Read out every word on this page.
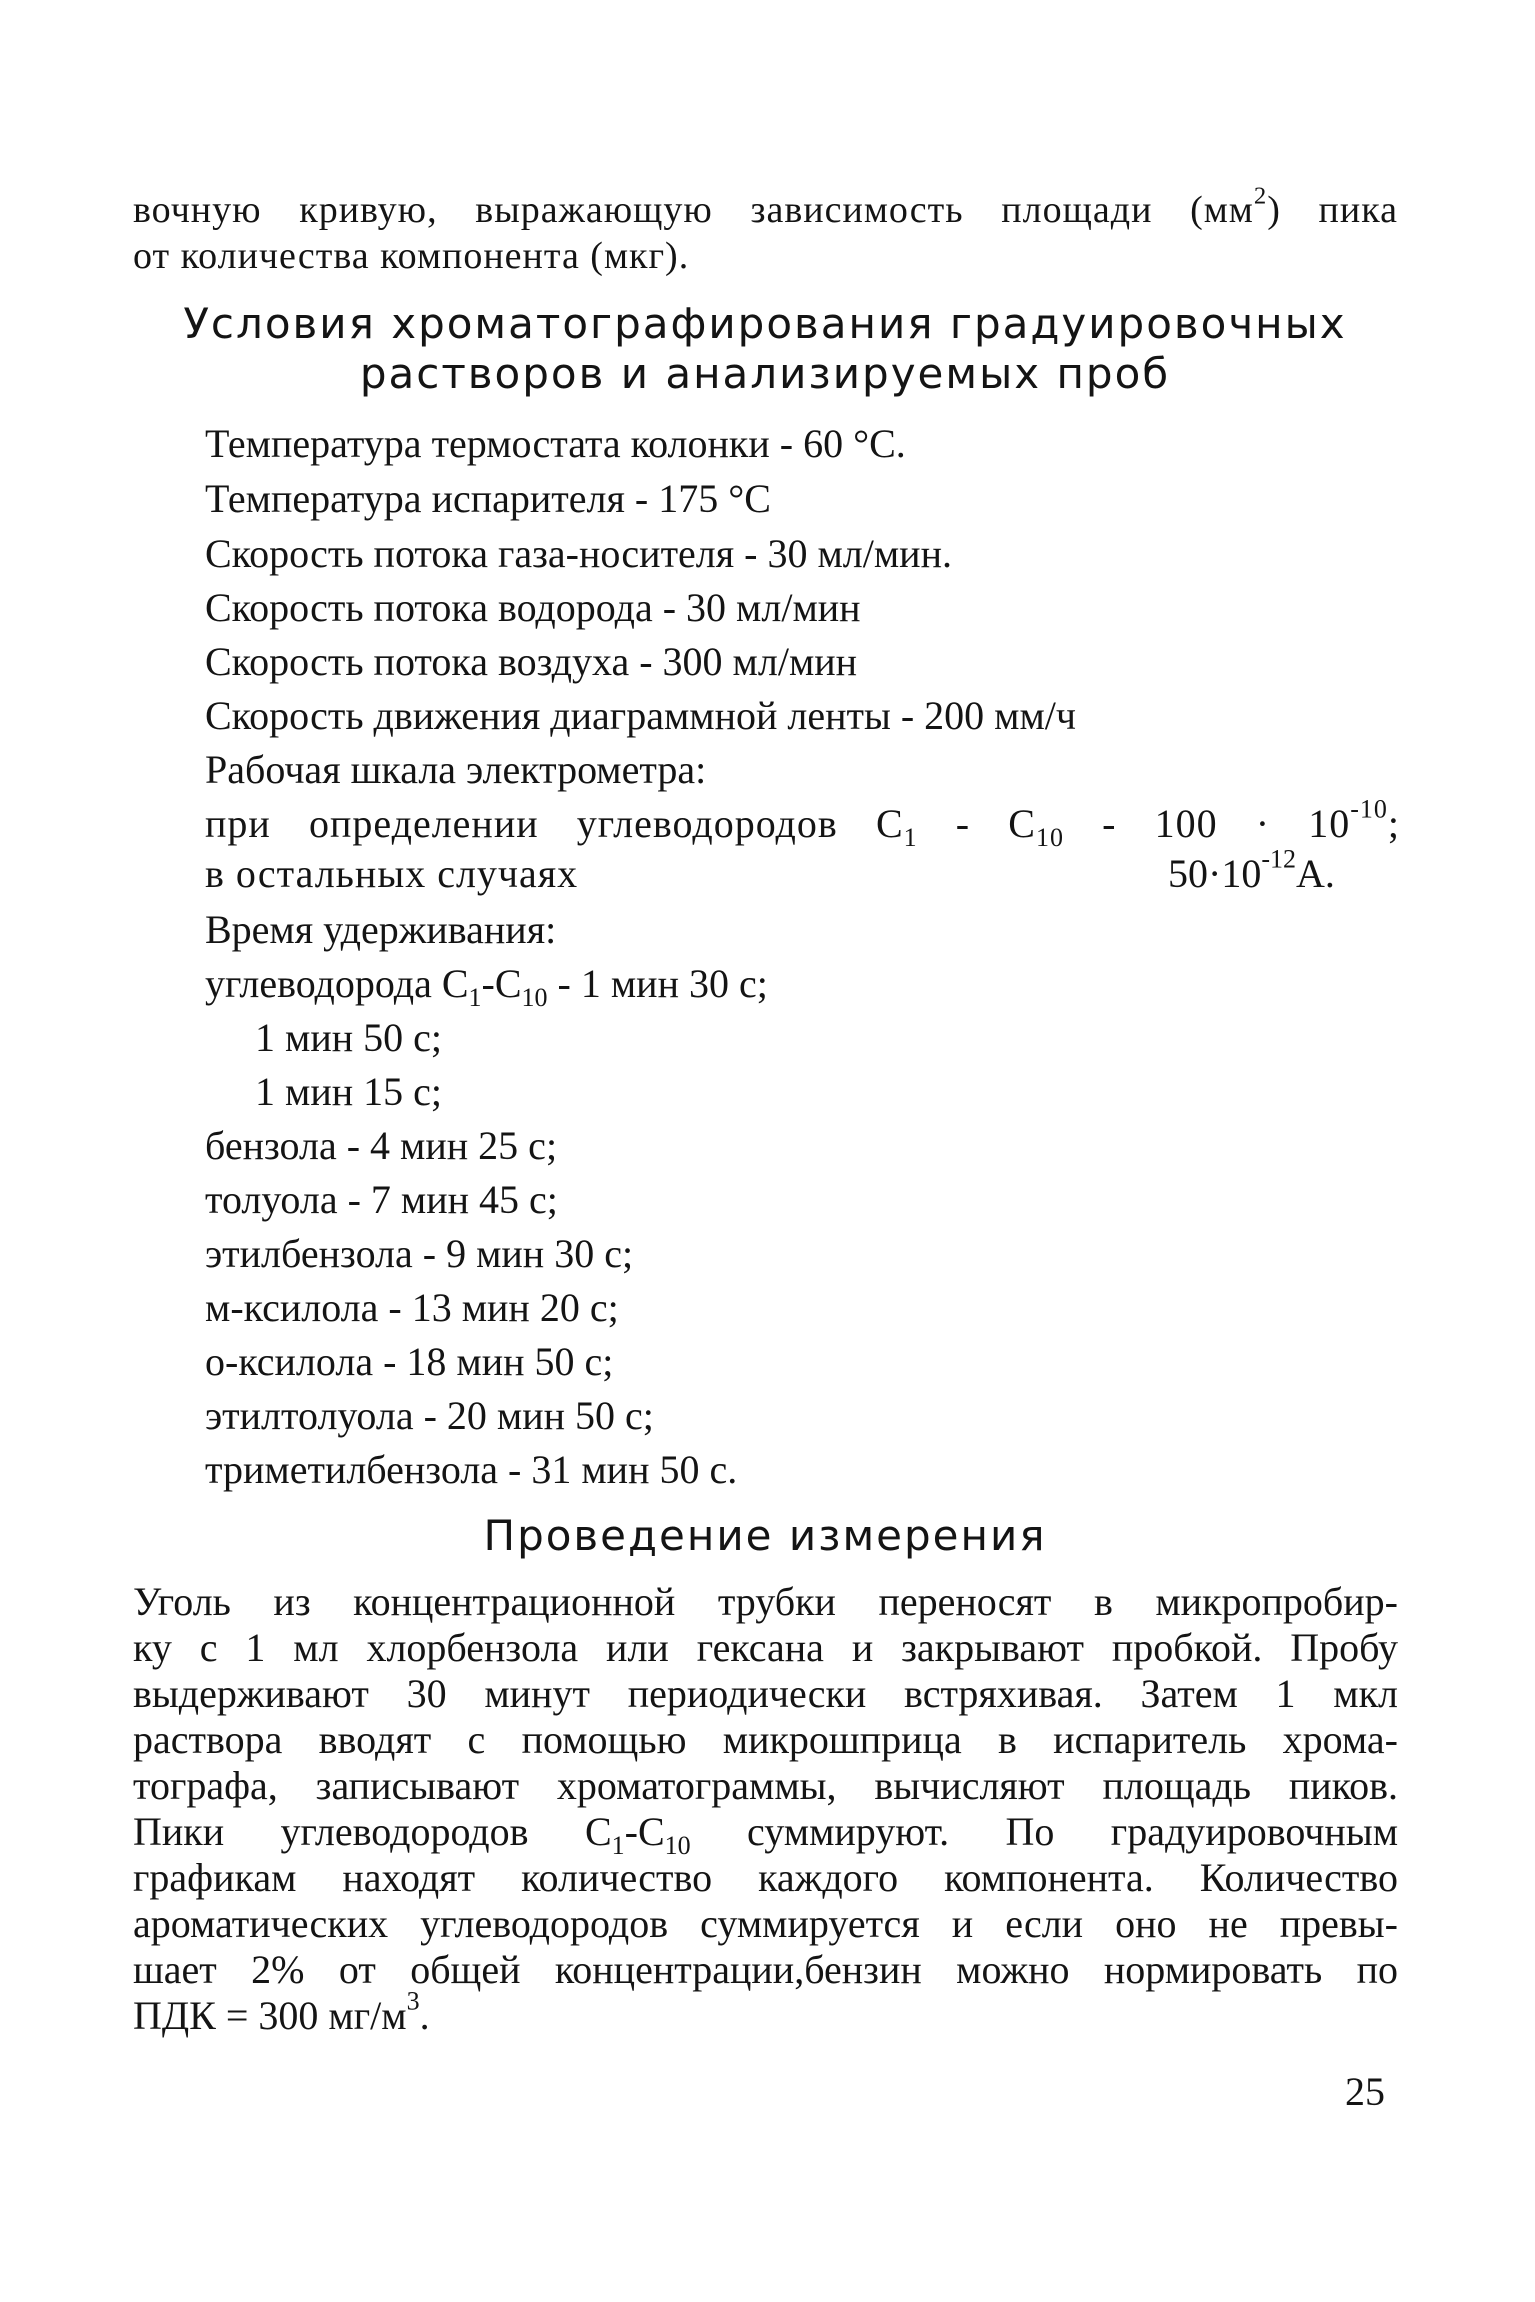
вочную кривую, выражающую зависимость площади $(мм^2)$ пика
от количества компонента (мкг).
Условия хроматографирования градуировочных
растворов и анализируемых проб
Температура термостата колонки - 60 °С.
Температура испарителя - 175 °С
Скорость потока газа-носителя - 30 мл/мин.
Скорость потока водорода - 30 мл/мин
Скорость потока воздуха - 300 мл/мин
Скорость движения диаграммной ленты - 200 мм/ч
Рабочая шкала электрометра:
при определении углеводородов $С_1 - С_{10} - 100 \cdot 10^{-10}$;
в остальных случаях	$50\cdot 10^{-12}А$.
Время удерживания:
углеводорода $С_1-С_{10} - 1$ мин 30 с;
1 мин 50 с;
1 мин 15 с;
бензола - 4 мин 25 с;
толуола - 7 мин 45 с;
этилбензола - 9 мин 30 с;
м-ксилола - 13 мин 20 с;
о-ксилола - 18 мин 50 с;
этилтолуола - 20 мин 50 с;
триметилбензола - 31 мин 50 с.
Проведение измерения
Уголь из концентрационной трубки переносят в микропробир-
ку с 1 мл хлорбензола или гексана и закрывают пробкой. Пробу
выдерживают 30 минут периодически встряхивая. Затем 1 мкл
раствора вводят с помощью микрошприца в испаритель хрома-
тографа, записывают хроматограммы, вычисляют площадь пиков.
Пики углеводородов $С_1-С_{10}$ суммируют. По градуировочным
графикам находят количество каждого компонента. Количество
ароматических углеводородов суммируется и если оно не превы-
шает 2% от общей концентрации,бензин можно нормировать по
ПДК = 300 $мг/м^3$.
25
